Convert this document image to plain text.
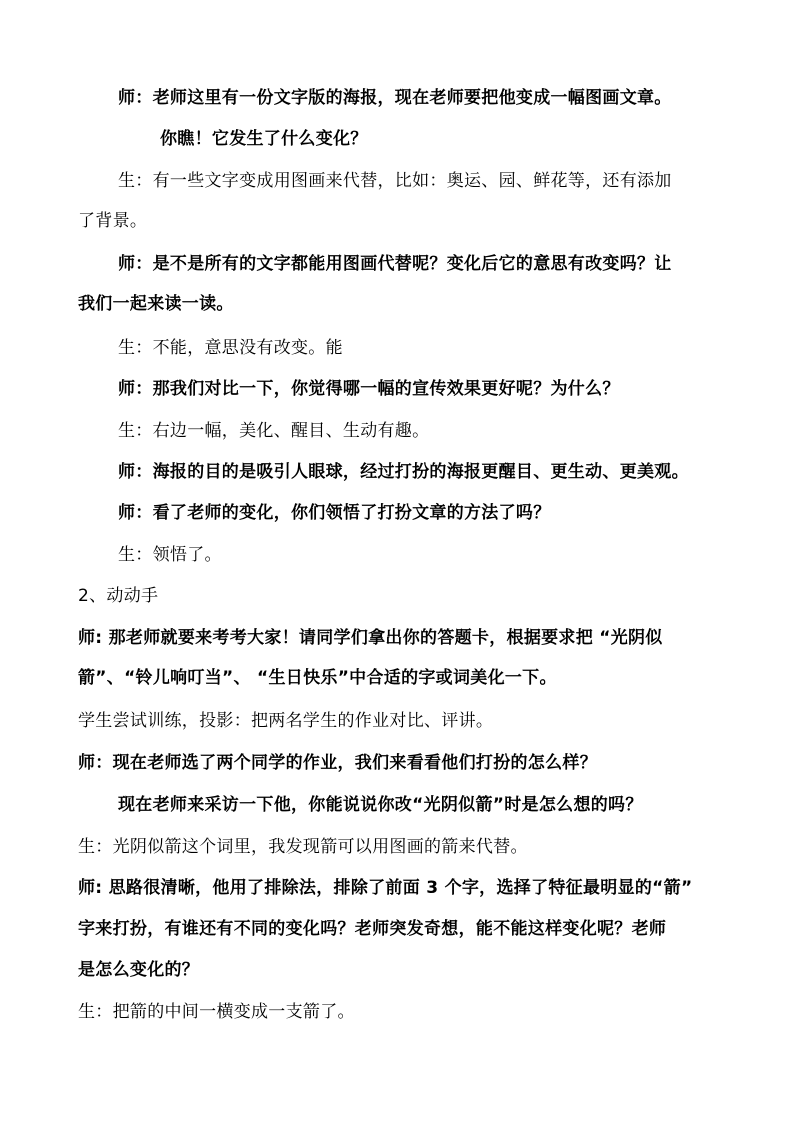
师：老师这里有一份文字版的海报，现在老师要把他变成一幅图画文章。
你瞧！它发生了什么变化？
生：有一些文字变成用图画来代替，比如：奥运、园、鲜花等，还有添加
了背景。
师：是不是所有的文字都能用图画代替呢？变化后它的意思有改变吗？让
我们一起来读一读。
生：不能，意思没有改变。能
师：那我们对比一下，你觉得哪一幅的宣传效果更好呢？为什么？
生：右边一幅，美化、醒目、生动有趣。
师：海报的目的是吸引人眼球，经过打扮的海报更醒目、更生动、更美观。
师：看了老师的变化，你们领悟了打扮文章的方法了吗？
生：领悟了。
2、动动手
师: 那老师就要来考考大家！请同学们拿出你的答题卡，根据要求把 “光阴似
箭”、“铃儿响叮当”、 “生日快乐”中合适的字或词美化一下。
学生尝试训练，投影：把两名学生的作业对比、评讲。
师：现在老师选了两个同学的作业，我们来看看他们打扮的怎么样？
现在老师来采访一下他，你能说说你改“光阴似箭”时是怎么想的吗？
生：光阴似箭这个词里，我发现箭可以用图画的箭来代替。
师: 思路很清晰，他用了排除法，排除了前面 3 个字，选择了特征最明显的“箭”
字来打扮，有谁还有不同的变化吗？老师突发奇想，能不能这样变化呢？老师
是怎么变化的？
生：把箭的中间一横变成一支箭了。
